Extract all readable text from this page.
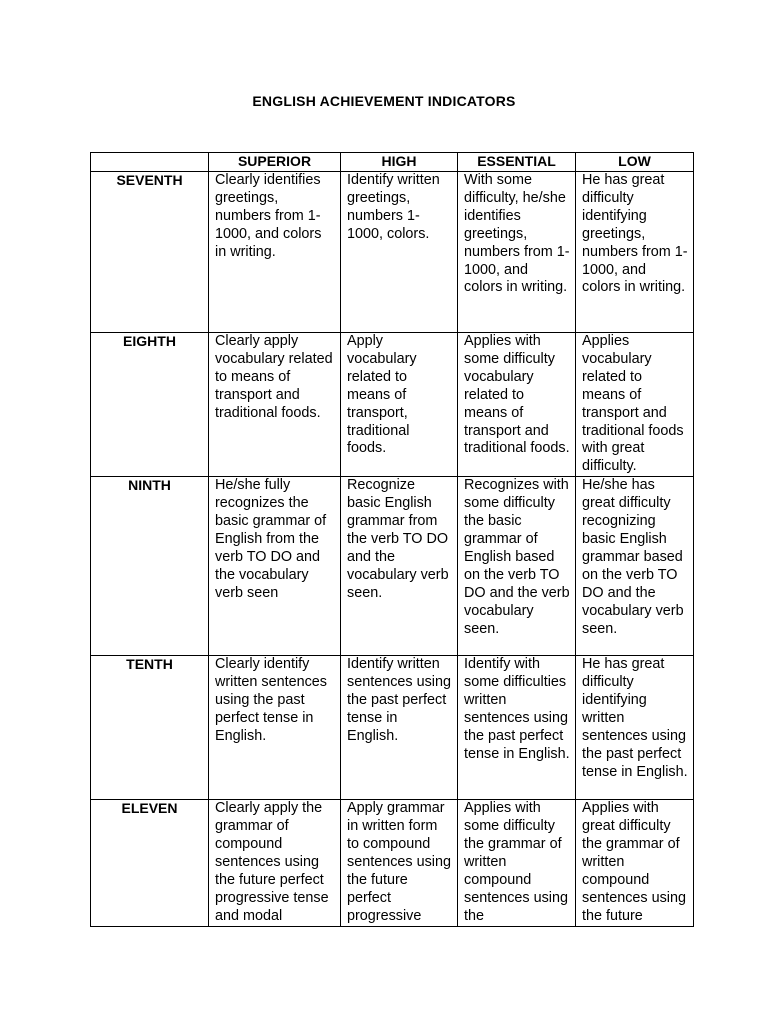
ENGLISH ACHIEVEMENT INDICATORS
	SUPERIOR	HIGH	ESSENTIAL	LOW
SEVENTH	Clearly identifies greetings, numbers from 1-1000, and colors in writing.	Identify written greetings, numbers 1-1000, colors.	With some difficulty, he/she identifies greetings, numbers from 1-1000, and colors in writing.	He has great difficulty identifying greetings, numbers from 1-1000, and colors in writing.
EIGHTH	Clearly apply vocabulary related to means of transport and traditional foods.	Apply vocabulary related to means of transport, traditional foods.	Applies with some difficulty vocabulary related to means of transport and traditional foods.	Applies vocabulary related to means of transport and traditional foods with great difficulty.
NINTH	He/she fully recognizes the basic grammar of English from the verb TO DO and the vocabulary verb seen	Recognize basic English grammar from the verb TO DO and the vocabulary verb seen.	Recognizes with some difficulty the basic grammar of English based on the verb TO DO and the verb vocabulary seen.	He/she has great difficulty recognizing basic English grammar based on the verb TO DO and the vocabulary verb seen.
TENTH	Clearly identify written sentences using the past perfect tense in English.	Identify written sentences using the past perfect tense in English.	Identify with some difficulties written sentences using the past perfect tense in English.	He has great difficulty identifying written sentences using the past perfect tense in English.
ELEVEN	Clearly apply the grammar of compound sentences using the future perfect progressive tense and modal	Apply grammar in written form to compound sentences using the future perfect progressive	Applies with some difficulty the grammar of written compound sentences using the	Applies with great difficulty the grammar of written compound sentences using the future
